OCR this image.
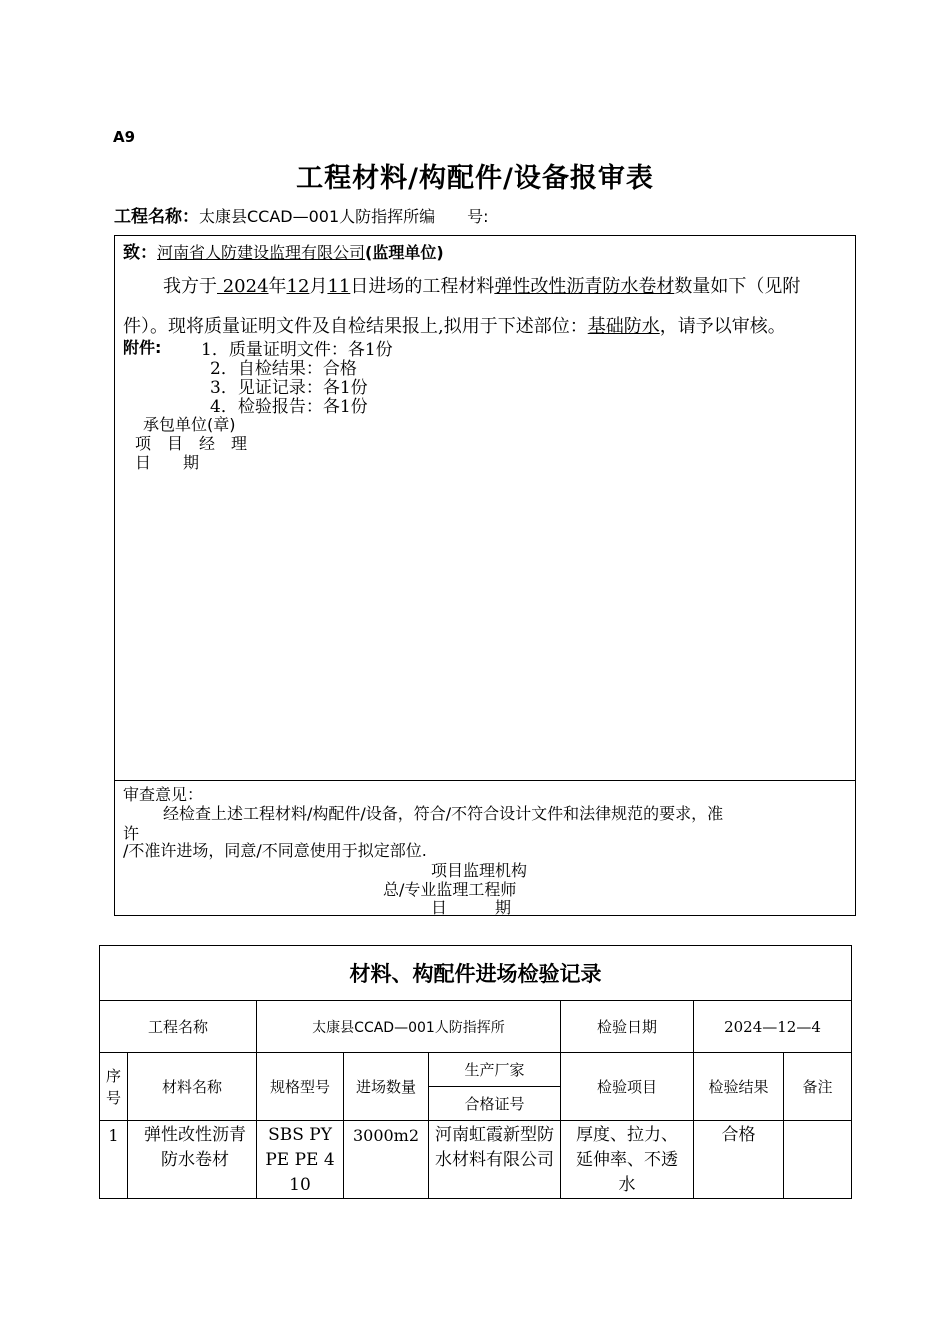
A9
工程材料/构配件/设备报审表
工程名称：太康县CCAD—001人防指挥所编　　号:
致：河南省人防建设监理有限公司(监理单位)
我方于 2024年12月11日进场的工程材料弹性改性沥青防水卷材数量如下（见附
件）。现将质量证明文件及自检结果报上,拟用于下述部位：基础防水，请予以审核。
附件: 1．质量证明文件：各1份
2．自检结果：合格
3．见证记录：各1份
4．检验报告：各1份
承包单位(章)
项　目　经　理
日　　期
审查意见：
经检查上述工程材料/构配件/设备，符合/不符合设计文件和法律规范的要求，准
许
/不准许进场，同意/不同意使用于拟定部位.
项目监理机构
总/专业监理工程师
日　　　期
材料、构配件进场检验记录							
工程名称		太康县CCAD—001人防指挥所			检验日期	2024—12—4	
序号	材料名称	规格型号	进场数量	生产厂家	检验项目	检验结果	备注
				合格证号			
1	弹性改性沥青防水卷材	SBS PY PE PE 4 10	3000m2	河南虹霞新型防水材料有限公司	厚度、拉力、延伸率、不透水	合格	
